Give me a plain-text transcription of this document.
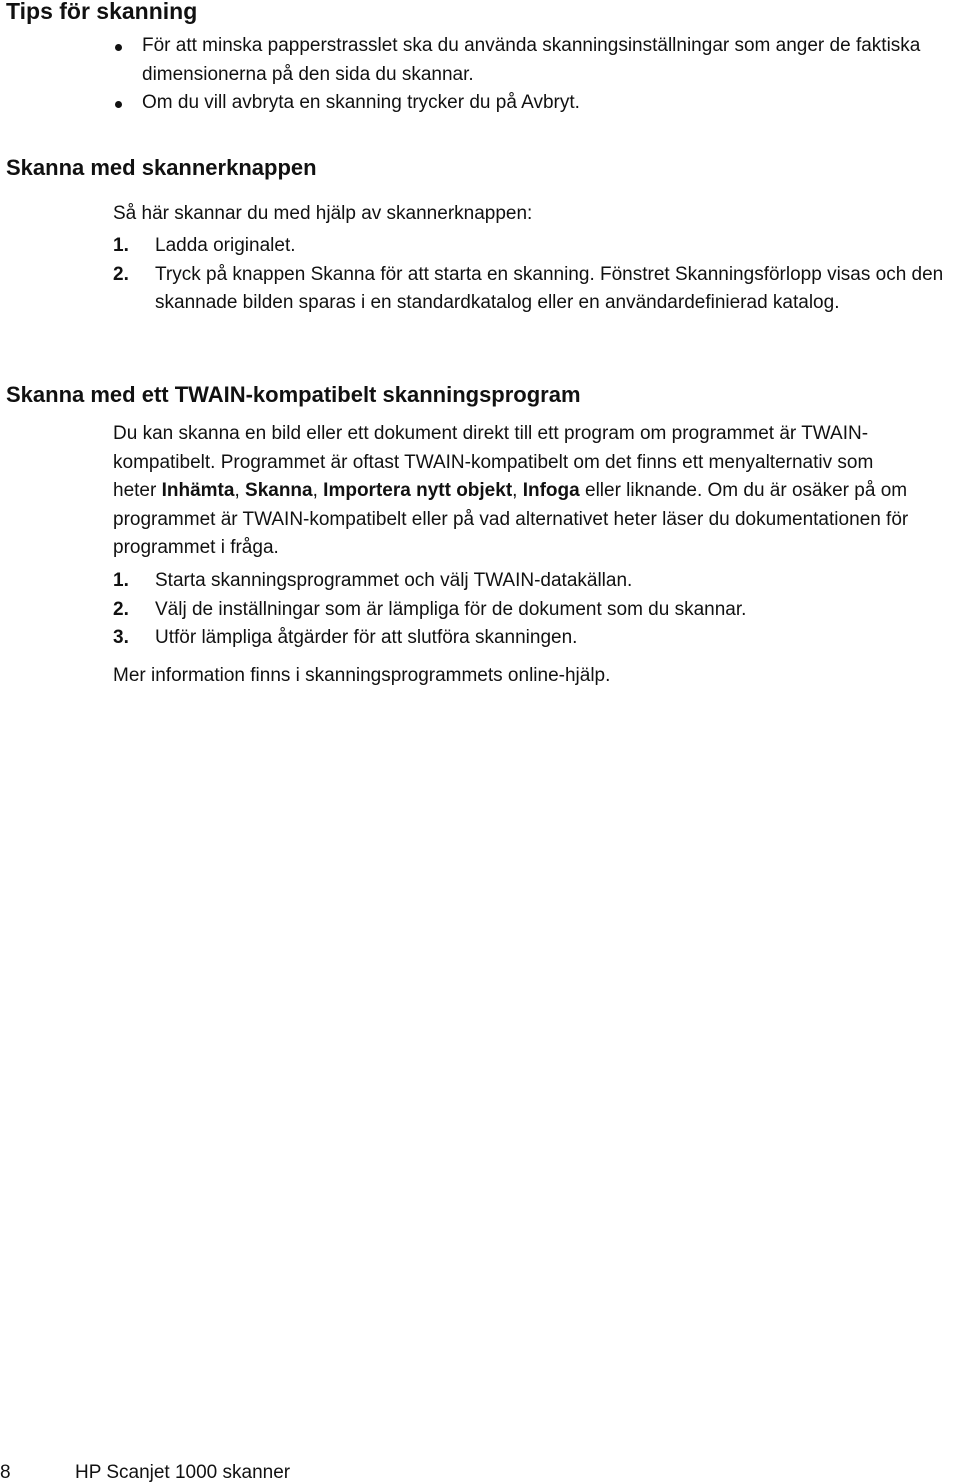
Tips för skanning
För att minska papperstrasslet ska du använda skanningsinställningar som anger de faktiska dimensionerna på den sida du skannar.
Om du vill avbryta en skanning trycker du på Avbryt.
Skanna med skannerknappen

Så här skannar du med hjälp av skannerknappen:

1. Ladda originalet.
2. Tryck på knappen Skanna för att starta en skanning. Fönstret Skanningsförlopp visas och den skannade bilden sparas i en standardkatalog eller en användardefinierad katalog.
Skanna med ett TWAIN-kompatibelt skanningsprogram

Du kan skanna en bild eller ett dokument direkt till ett program om programmet är TWAIN-kompatibelt. Programmet är oftast TWAIN-kompatibelt om det finns ett menyalternativ som heter Inhämta, Skanna, Importera nytt objekt, Infoga eller liknande. Om du är osäker på om programmet är TWAIN-kompatibelt eller på vad alternativet heter läser du dokumentationen för programmet i fråga.

1. Starta skanningsprogrammet och välj TWAIN-datakällan.
2. Välj de inställningar som är lämpliga för de dokument som du skannar.
3. Utför lämpliga åtgärder för att slutföra skanningen.

Mer information finns i skanningsprogrammets online-hjälp.

8	HP Scanjet 1000 skanner
